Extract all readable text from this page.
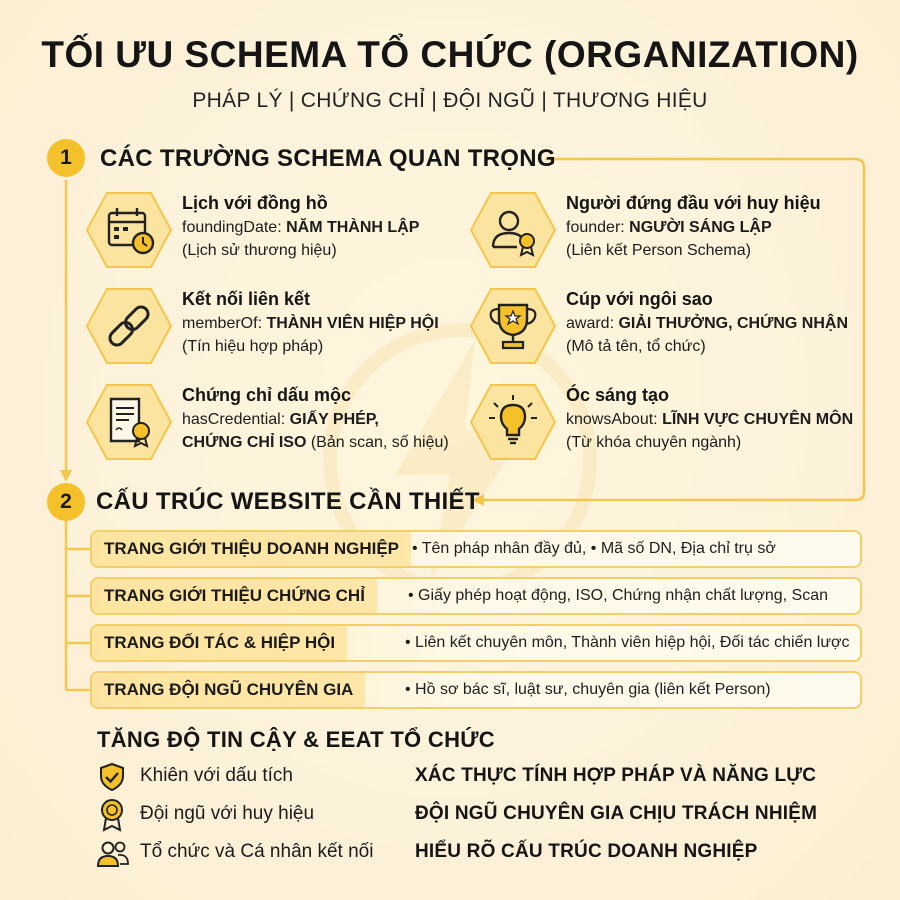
TỐI ƯU SCHEMA TỔ CHỨC (ORGANIZATION)
PHÁP LÝ | CHỨNG CHỈ | ĐỘI NGŨ | THƯƠNG HIỆU
1	CÁC TRƯỜNG SCHEMA QUAN TRỌNG
Lịch với đồng hồ
foundingDate: NĂM THÀNH LẬP
(Lịch sử thương hiệu)
Người đứng đầu với huy hiệu
founder: NGƯỜI SÁNG LẬP
(Liên kết Person Schema)
Kết nối liên kết
memberOf: THÀNH VIÊN HIỆP HỘI
(Tín hiệu hợp pháp)
Cúp với ngôi sao
award: GIẢI THƯỞNG, CHỨNG NHẬN
(Mô tả tên, tổ chức)
Chứng chỉ dấu mộc
hasCredential: GIẤY PHÉP,
CHỨNG CHỈ ISO (Bản scan, số hiệu)
Óc sáng tạo
knowsAbout: LĨNH VỰC CHUYÊN MÔN
(Từ khóa chuyên ngành)
2	CẤU TRÚC WEBSITE CẦN THIẾT
TRANG GIỚI THIỆU DOANH NGHIỆP • Tên pháp nhân đầy đủ, • Mã số DN, Địa chỉ trụ sở
TRANG GIỚI THIỆU CHỨNG CHỈ	• Giấy phép hoạt động, ISO, Chứng nhận chất lượng, Scan
TRANG ĐỐI TÁC & HIỆP HỘI	• Liên kết chuyên môn, Thành viên hiệp hội, Đối tác chiến lược
TRANG ĐỘI NGŨ CHUYÊN GIA	• Hồ sơ bác sĩ, luật sư, chuyên gia (liên kết Person)
TĂNG ĐỘ TIN CẬY & EEAT TỔ CHỨC
Khiên với dấu tích	XÁC THỰC TÍNH HỢP PHÁP VÀ NĂNG LỰC
Đội ngũ với huy hiệu	ĐỘI NGŨ CHUYÊN GIA CHỊU TRÁCH NHIỆM
Tổ chức và Cá nhân kết nối HIỂU RÕ CẤU TRÚC DOANH NGHIỆP
